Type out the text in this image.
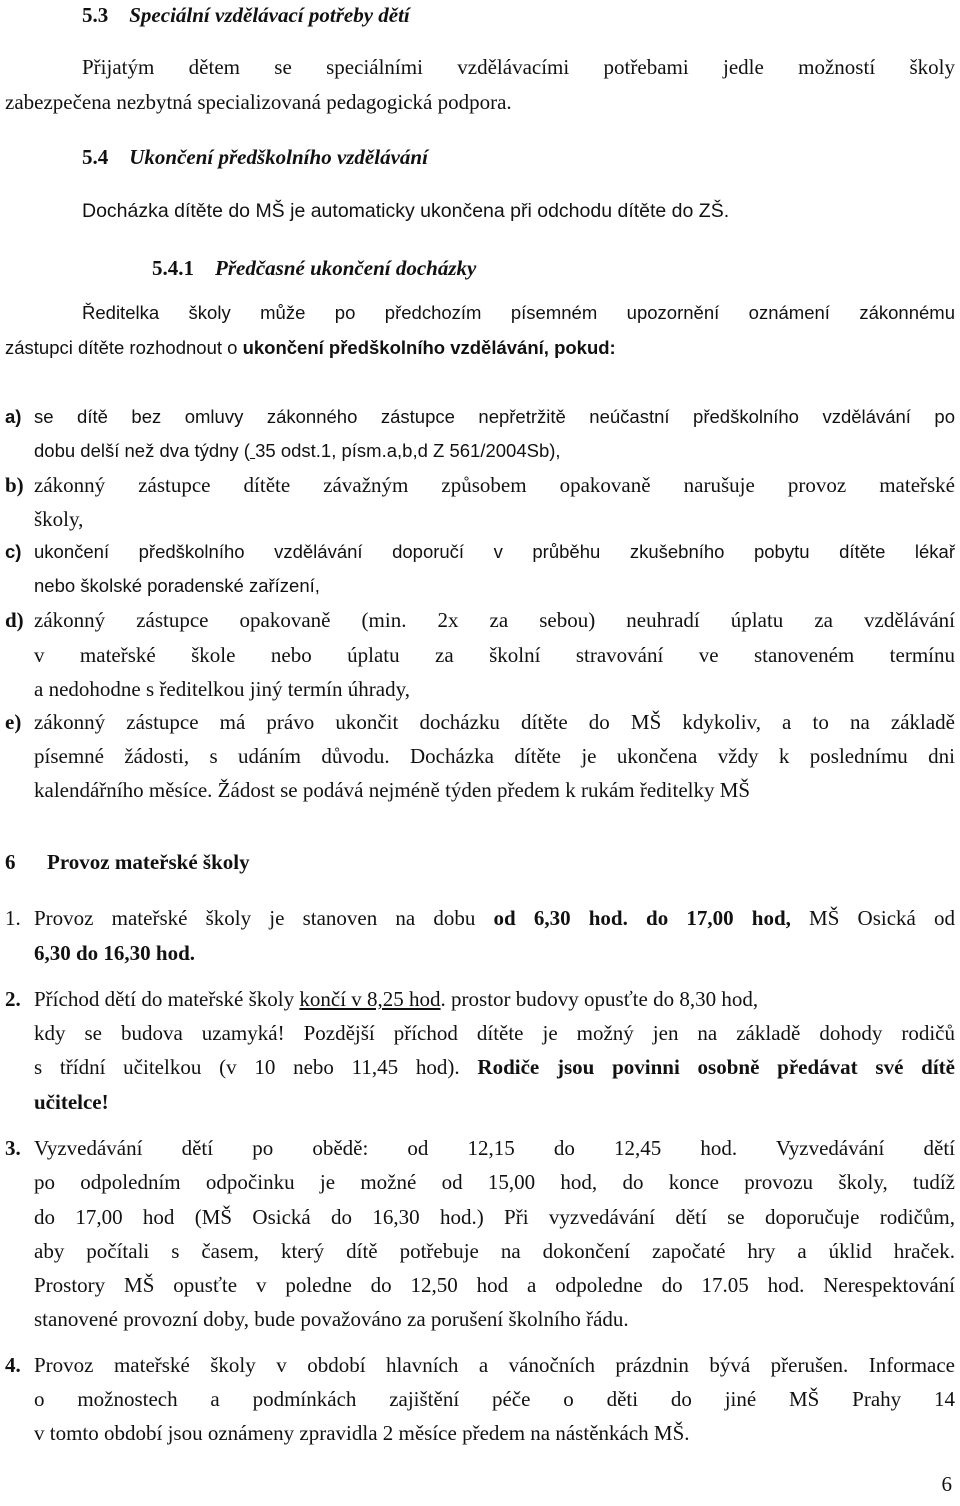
5.3 Speciální vzdělávací potřeby dětí
Přijatým dětem se speciálními vzdělávacími potřebami jedle možností školy
zabezpečena nezbytná specializovaná pedagogická podpora.
5.4 Ukončení předškolního vzdělávání
Docházka dítěte do MŠ je automaticky ukončena při odchodu dítěte do ZŠ.
5.4.1 Předčasné ukončení docházky
Ředitelka školy může po předchozím písemném upozornění oznámení zákonnému
zástupci dítěte rozhodnout o ukončení předškolního vzdělávání, pokud:
a) se dítě bez omluvy zákonného zástupce nepřetržitě neúčastní předškolního vzdělávání po
dobu delší než dva týdny ( 35 odst.1, písm.a,b,d Z 561/2004Sb),
b) zákonný zástupce dítěte závažným způsobem opakovaně narušuje provoz mateřské
školy,
c) ukončení předškolního vzdělávání doporučí v průběhu zkušebního pobytu dítěte lékař
nebo školské poradenské zařízení,
d) zákonný zástupce opakovaně (min. 2x za sebou) neuhradí úplatu za vzdělávání
v mateřské škole nebo úplatu za školní stravování ve stanoveném termínu
a nedohodne s ředitelkou jiný termín úhrady,
e) zákonný zástupce má právo ukončit docházku dítěte do MŠ kdykoliv, a to na základě
písemné žádosti, s udáním důvodu. Docházka dítěte je ukončena vždy k poslednímu dni
kalendářního měsíce. Žádost se podává nejméně týden předem k rukám ředitelky MŠ
6 Provoz mateřské školy
1. Provoz mateřské školy je stanoven na dobu od 6,30 hod. do 17,00 hod, MŠ Osická od
6,30 do 16,30 hod.
2. Příchod dětí do mateřské školy končí v 8,25 hod. prostor budovy opusťte do 8,30 hod,
kdy se budova uzamyká! Pozdější příchod dítěte je možný jen na základě dohody rodičů
s třídní učitelkou (v 10 nebo 11,45 hod). Rodiče jsou povinni osobně předávat své dítě
učitelce!
3. Vyzvedávání dětí po obědě: od 12,15 do 12,45 hod. Vyzvedávání dětí
po odpoledním odpočinku je možné od 15,00 hod, do konce provozu školy, tudíž
do 17,00 hod (MŠ Osická do 16,30 hod.) Při vyzvedávání dětí se doporučuje rodičům,
aby počítali s časem, který dítě potřebuje na dokončení započaté hry a úklid hraček.
Prostory MŠ opusťte v poledne do 12,50 hod a odpoledne do 17.05 hod. Nerespektování
stanovené provozní doby, bude považováno za porušení školního řádu.
4. Provoz mateřské školy v období hlavních a vánočních prázdnin bývá přerušen. Informace
o možnostech a podmínkách zajištění péče o děti do jiné MŠ Prahy 14
v tomto období jsou oznámeny zpravidla 2 měsíce předem na nástěnkách MŠ.
6
